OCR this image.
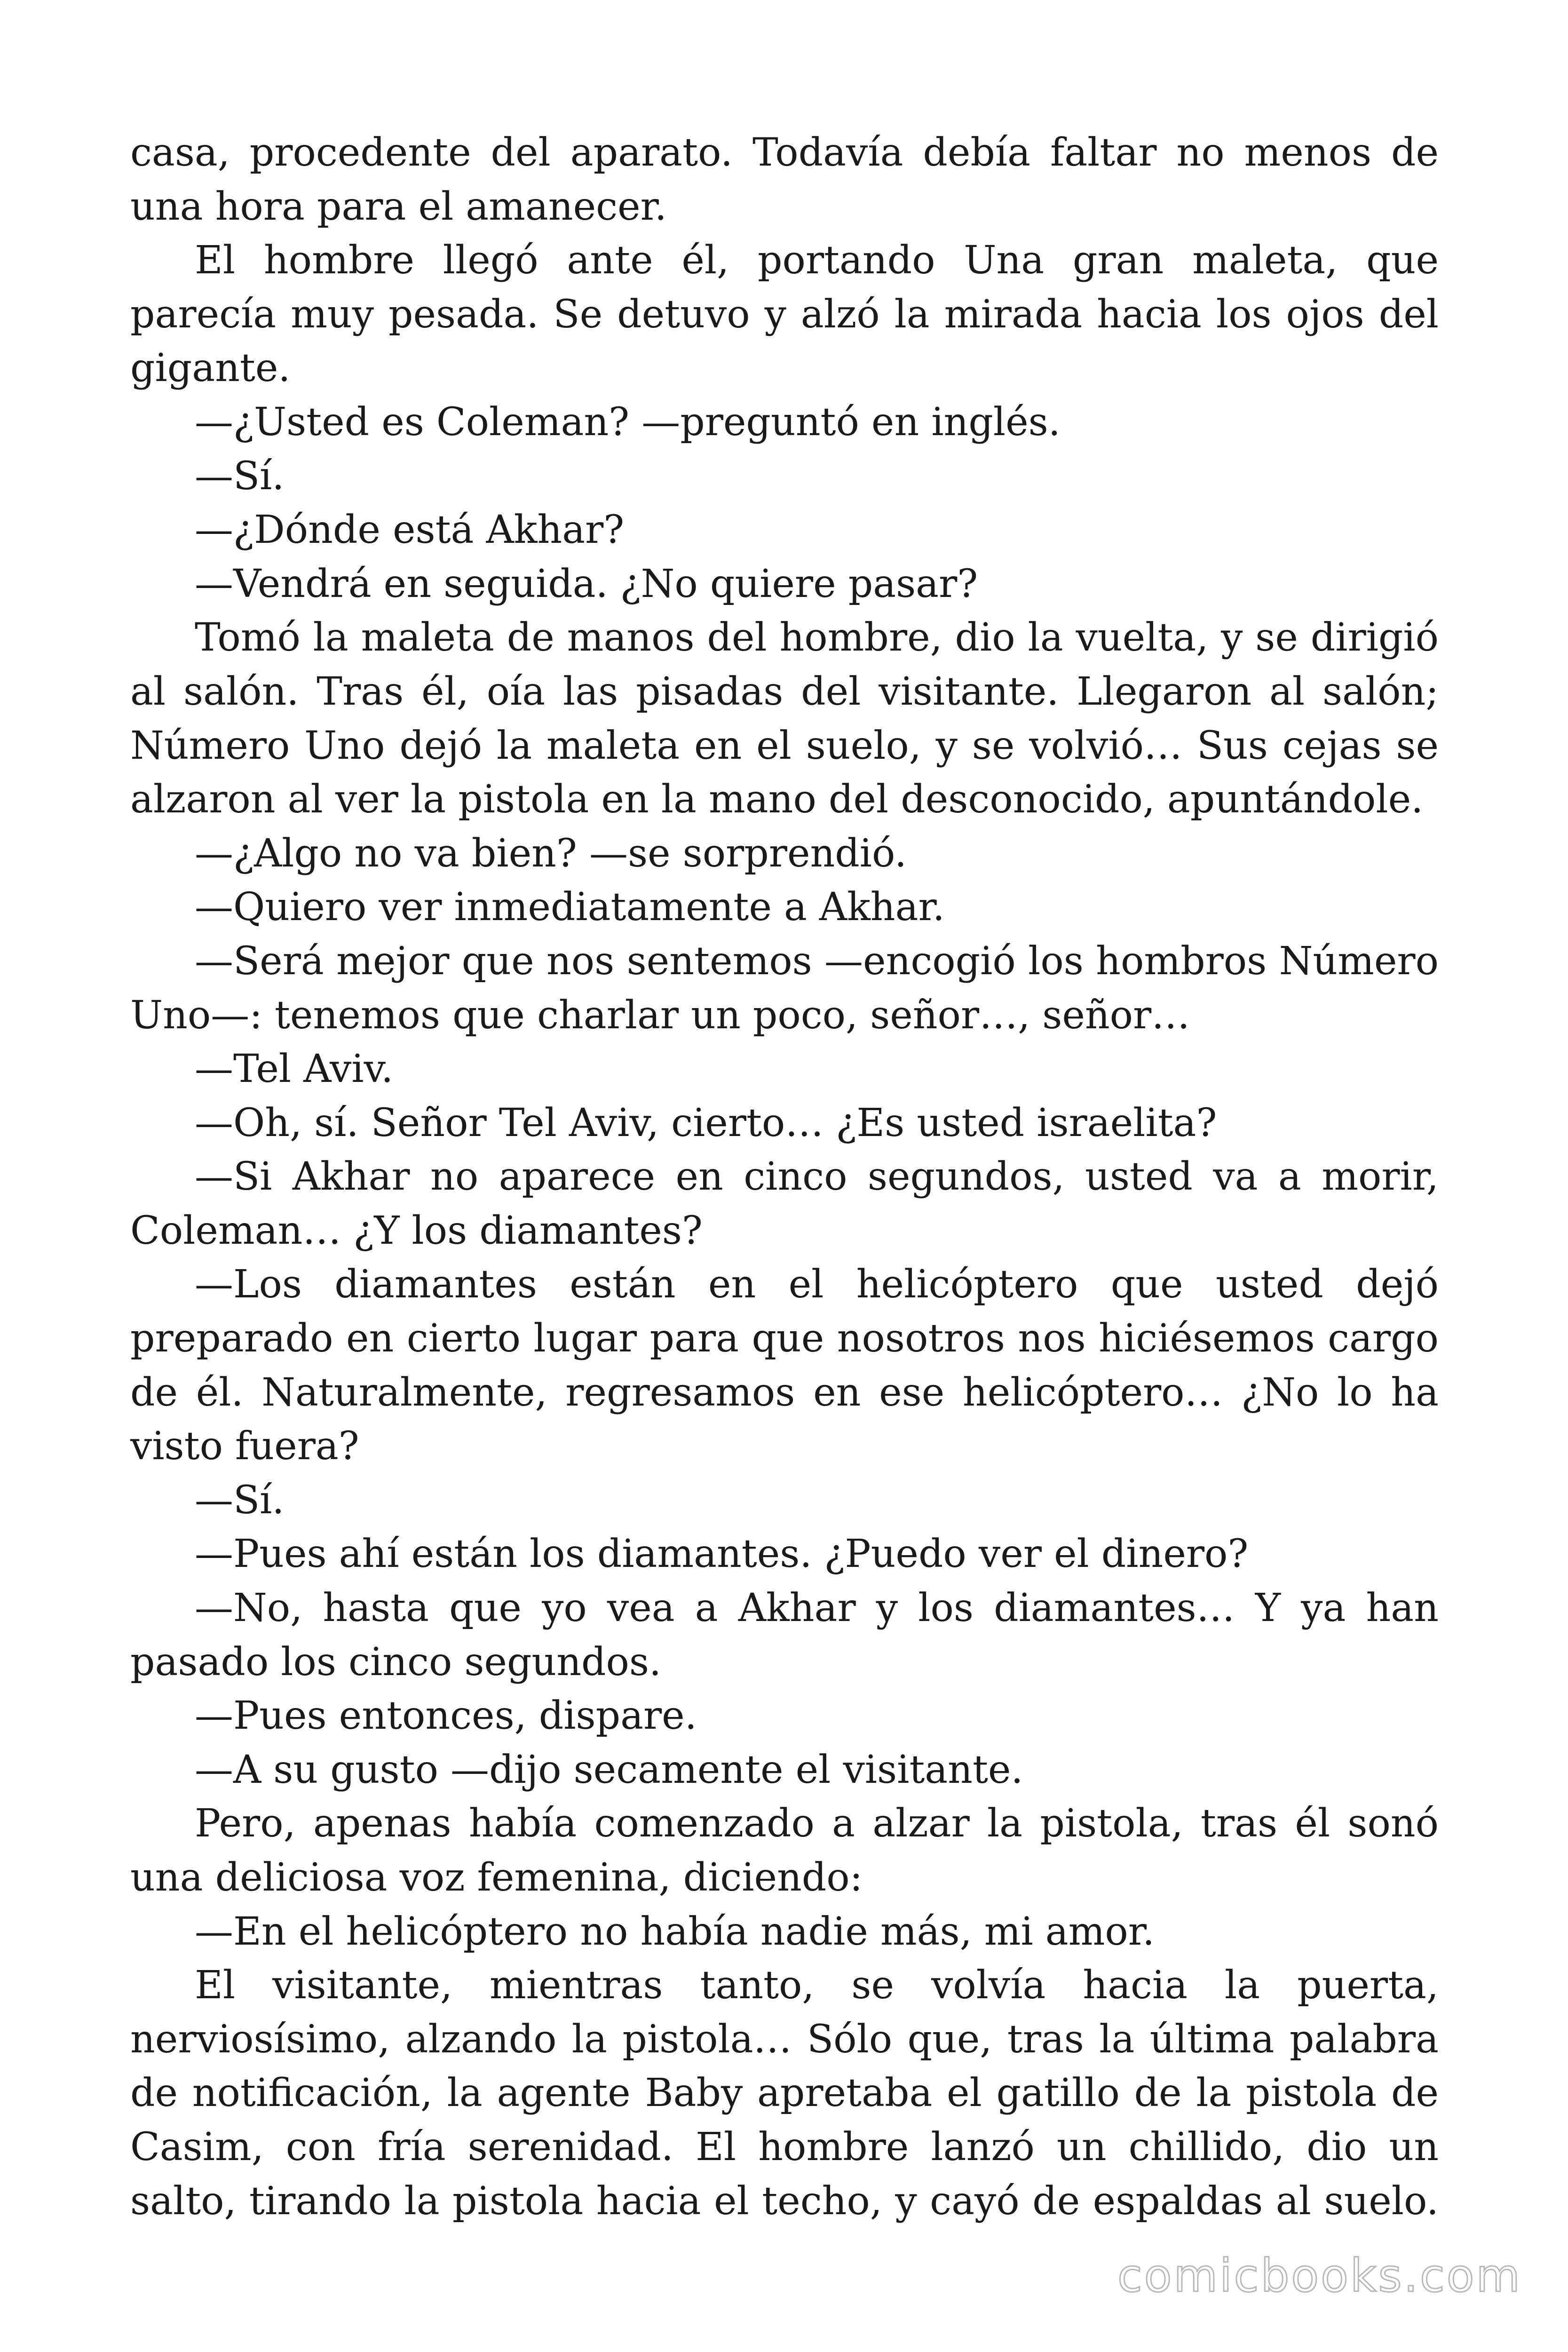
casa, procedente del aparato. Todavía debía faltar no menos de una hora para el amanecer.

El hombre llegó ante él, portando Una gran maleta, que parecía muy pesada. Se detuvo y alzó la mirada hacia los ojos del gigante.

—¿Usted es Coleman? —preguntó en inglés.

—Sí.

—¿Dónde está Akhar?

—Vendrá en seguida. ¿No quiere pasar?

Tomó la maleta de manos del hombre, dio la vuelta, y se dirigió al salón. Tras él, oía las pisadas del visitante. Llegaron al salón; Número Uno dejó la maleta en el suelo, y se volvió… Sus cejas se alzaron al ver la pistola en la mano del desconocido, apuntándole.

—¿Algo no va bien? —se sorprendió.

—Quiero ver inmediatamente a Akhar.

—Será mejor que nos sentemos —encogió los hombros Número Uno—: tenemos que charlar un poco, señor…, señor…

—Tel Aviv.

—Oh, sí. Señor Tel Aviv, cierto… ¿Es usted israelita?

—Si Akhar no aparece en cinco segundos, usted va a morir, Coleman… ¿Y los diamantes?

—Los diamantes están en el helicóptero que usted dejó preparado en cierto lugar para que nosotros nos hiciésemos cargo de él. Naturalmente, regresamos en ese helicóptero… ¿No lo ha visto fuera?

—Sí.

—Pues ahí están los diamantes. ¿Puedo ver el dinero?

—No, hasta que yo vea a Akhar y los diamantes… Y ya han pasado los cinco segundos.

—Pues entonces, dispare.

—A su gusto —dijo secamente el visitante.

Pero, apenas había comenzado a alzar la pistola, tras él sonó una deliciosa voz femenina, diciendo:

—En el helicóptero no había nadie más, mi amor.

El visitante, mientras tanto, se volvía hacia la puerta, nerviosísimo, alzando la pistola… Sólo que, tras la última palabra de notificación, la agente Baby apretaba el gatillo de la pistola de Casim, con fría serenidad. El hombre lanzó un chillido, dio un salto, tirando la pistola hacia el techo, y cayó de espaldas al suelo.

comicbooks.com
